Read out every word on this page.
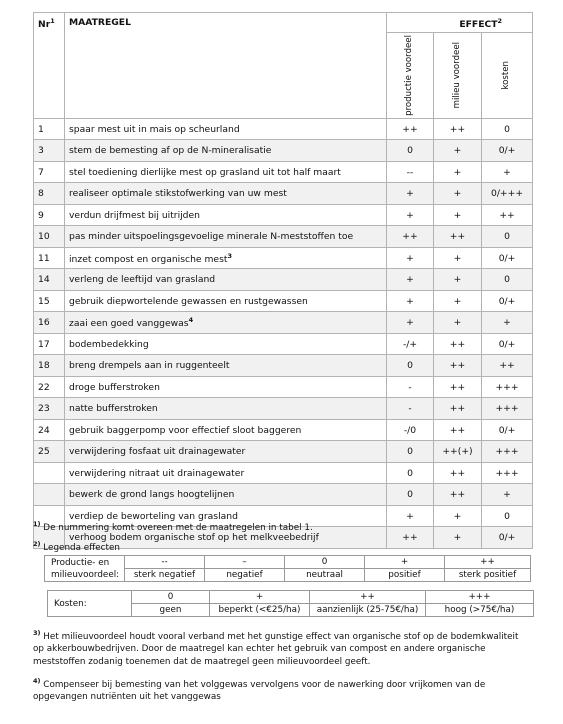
Nr$^1$	MAATREGEL	EFFECT$^2$

		productie voordeel	milieu voordeel	kosten

1	spaar mest uit in mais op scheurland	++	++	0
3	stem de bemesting af op de N-mineralisatie	0	+	0/+
7	stel toediening dierlijke mest op grasland uit tot half maart	--	+	+
8	realiseer optimale stikstofwerking van uw mest	+	+	0/+++
9	verdun drijfmest bij uitrijden	+	+	++
10	pas minder uitspoelingsgevoelige minerale N-meststoffen toe	++	++	0
11	inzet compost en organische mest$^3$	+	+	0/+
14	verleng de leeftijd van grasland	+	+	0
15	gebruik diepwortelende gewassen en rustgewassen	+	+	0/+
16	zaai een goed vanggewas$^4$	+	+	+
17	bodembedekking	-/+	++	0/+
18	breng drempels aan in ruggenteelt	0	++	++
22	droge bufferstroken	-	++	+++
23	natte bufferstroken	-	++	+++
24	gebruik baggerpomp voor effectief sloot baggeren	-/0	++	0/+
25	verwijdering fosfaat uit drainagewater	0	++(+)	+++
	verwijdering nitraat uit drainagewater	0	++	+++
	bewerk de grond langs hoogtelijnen	0	++	+
	verdiep de beworteling van grasland	+	+	0
	verhoog bodem organische stof op het melkveebedrijf	++	+	0/+
$^{1)}$ De nummering komt overeen met de maatregelen in tabel 1.
$^{2)}$ Legenda effecten
Productie- en milieuvoordeel:	--	–	0	+	++
	sterk negatief	negatief	neutraal	positief	sterk positief
Kosten:	0	+	++	+++
	geen	beperkt (<€25/ha)	aanzienlijk (25-75€/ha)	hoog (>75€/ha)
$^{3)}$ Het milieuvoordeel houdt vooral verband met het gunstige effect van organische stof op de bodemkwaliteit op akkerbouwbedrijven. Door de maatregel kan echter het gebruik van compost en andere organische meststoffen zodanig toenemen dat de maatregel geen milieuvoordeel geeft.
$^{4)}$ Compenseer bij bemesting van het volggewas vervolgens voor de nawerking door vrijkomen van de opgevangen nutriënten uit het vanggewas
